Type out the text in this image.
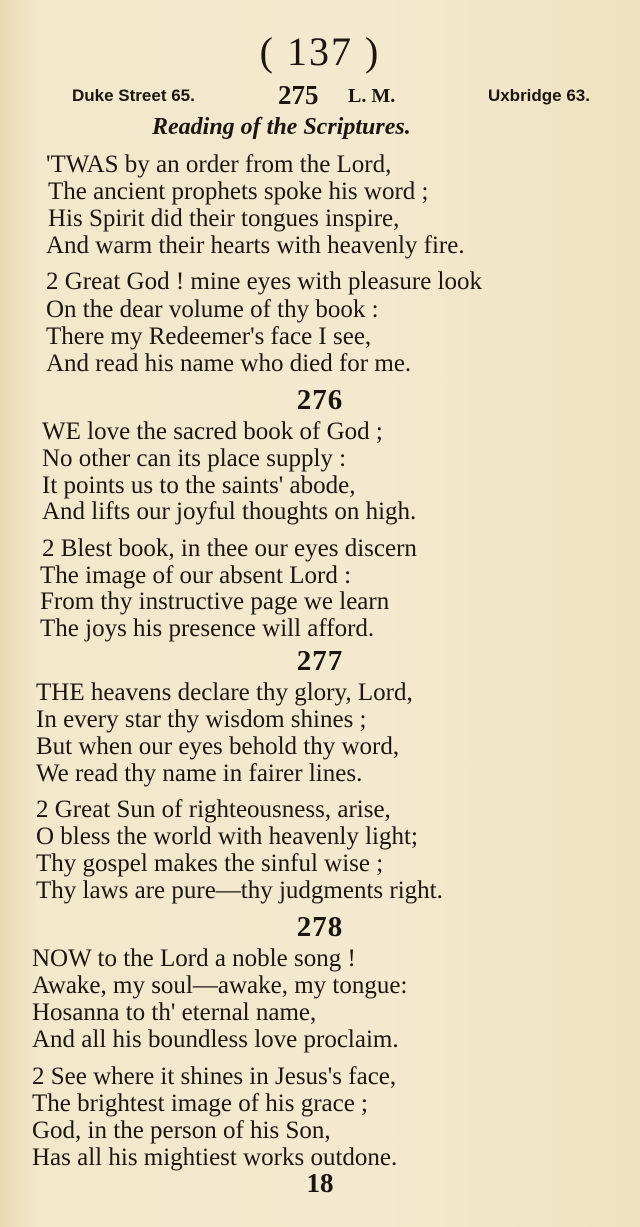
( 137 )
Duke Street 65.	275 L. M.	Uxbridge 63.
Reading of the Scriptures.
'TWAS by an order from the Lord,
The ancient prophets spoke his word ;
His Spirit did their tongues inspire,
And warm their hearts with heavenly fire.
2 Great God ! mine eyes with pleasure look
On the dear volume of thy book :
There my Redeemer's face I see,
And read his name who died for me.
276
WE love the sacred book of God ;
No other can its place supply :
It points us to the saints' abode,
And lifts our joyful thoughts on high.
2 Blest book, in thee our eyes discern
The image of our absent Lord :
From thy instructive page we learn
The joys his presence will afford.
277
THE heavens declare thy glory, Lord,
In every star thy wisdom shines ;
But when our eyes behold thy word,
We read thy name in fairer lines.
2 Great Sun of righteousness, arise,
O bless the world with heavenly light;
Thy gospel makes the sinful wise ;
Thy laws are pure—thy judgments right.
278
NOW to the Lord a noble song !
Awake, my soul—awake, my tongue:
Hosanna to th' eternal name,
And all his boundless love proclaim.
2 See where it shines in Jesus's face,
The brightest image of his grace ;
God, in the person of his Son,
Has all his mightiest works outdone.
18
